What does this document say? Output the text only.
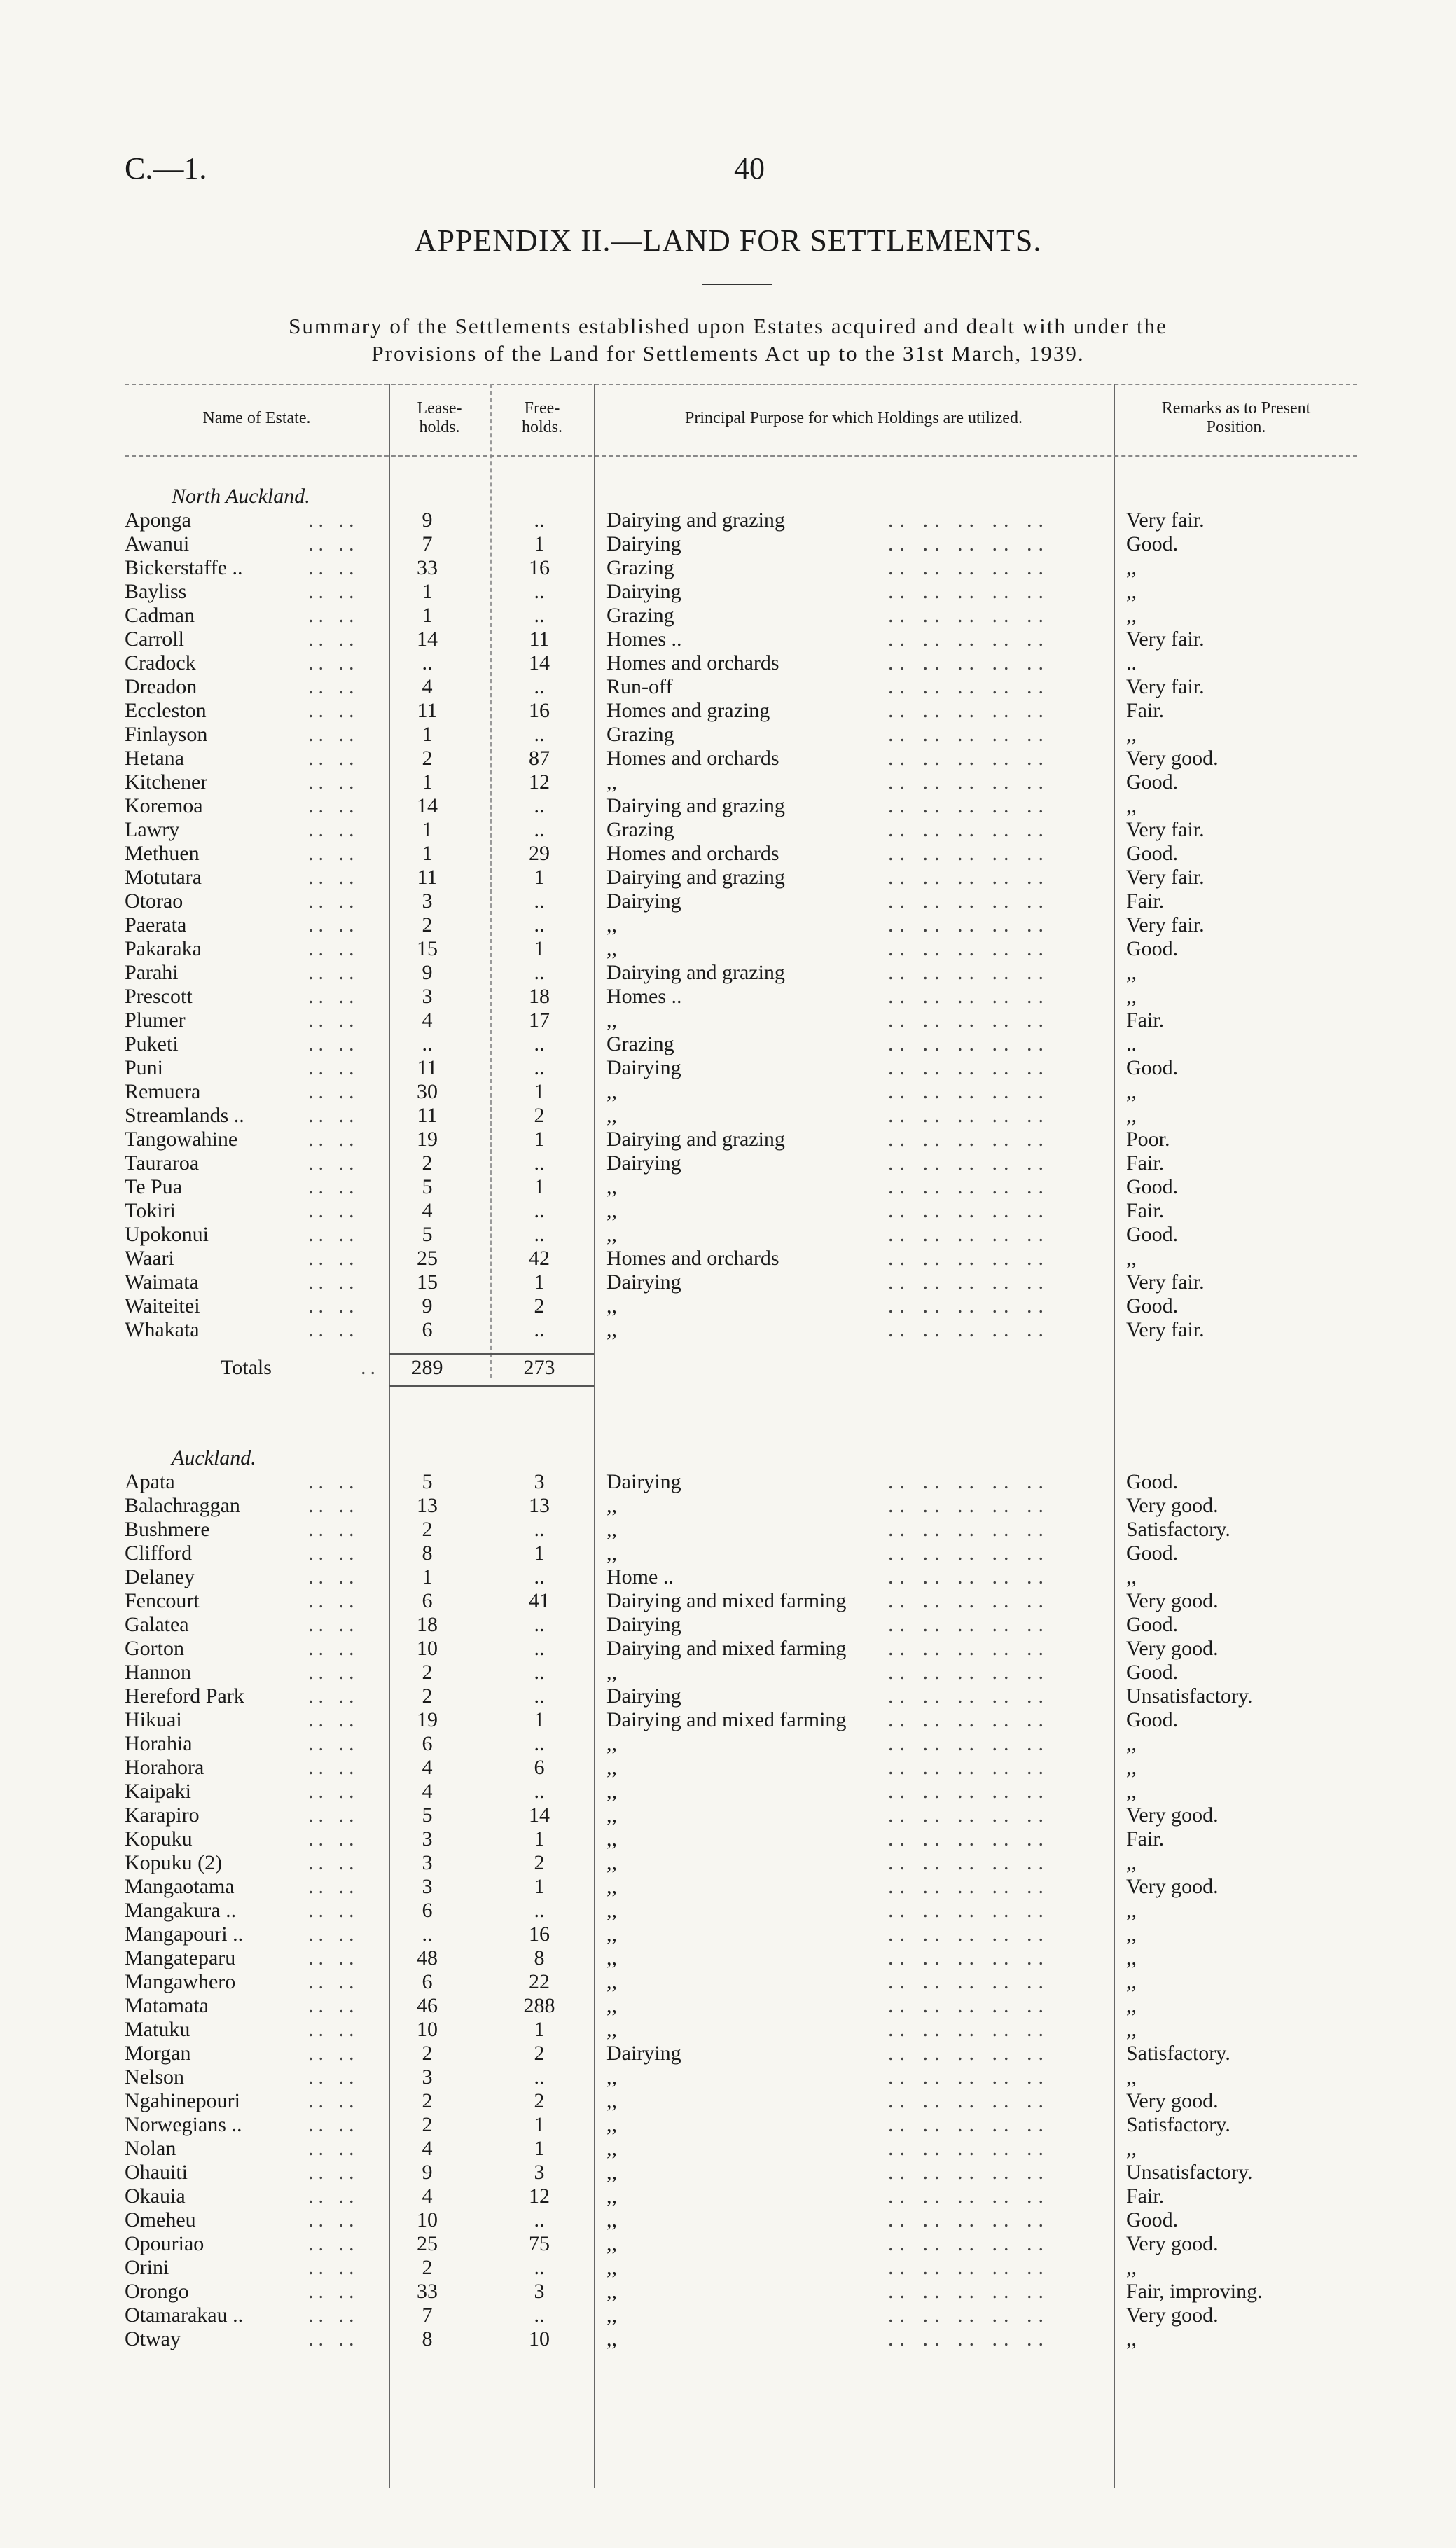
C.—1.	40
APPENDIX II.—LAND FOR SETTLEMENTS.
Summary of the Settlements established upon Estates acquired and dealt with under the
Provisions of the Land for Settlements Act up to the 31st March, 1939.
Name of Estate.
Lease-
holds.
Free-
holds.	Principal Purpose for which Holdings are utilized.
Remarks as to Present
Position.
North Auckland.
Aponga	.. ..	9	..	Dairying and grazing	.. .. .. .. ..	Very fair.
Awanui	.. ..	7	1	Dairying	.. .. .. .. ..	Good.
Bickerstaffe ..	.. ..	33	16	Grazing	.. .. .. .. ..	,,
Bayliss	.. ..	1	..	Dairying	.. .. .. .. ..	,,
Cadman	.. ..	1	..	Grazing	.. .. .. .. ..	,,
Carroll	.. ..	14	11	Homes ..	.. .. .. .. ..	Very fair.
Cradock	.. ..	..	14	Homes and orchards	.. .. .. .. ..	..
Dreadon	.. ..	4	..	Run-off	.. .. .. .. ..	Very fair.
Eccleston	.. ..	11	16	Homes and grazing	.. .. .. .. ..	Fair.
Finlayson	.. ..	1	..	Grazing	.. .. .. .. ..	,,
Hetana	.. ..	2	87	Homes and orchards	.. .. .. .. ..	Very good.
Kitchener	.. ..	1	12	,,	.. .. .. .. ..	Good.
Koremoa	.. ..	14	..	Dairying and grazing	.. .. .. .. ..	,,
Lawry	.. ..	1	..	Grazing	.. .. .. .. ..	Very fair.
Methuen	.. ..	1	29	Homes and orchards	.. .. .. .. ..	Good.
Motutara	.. ..	11	1	Dairying and grazing	.. .. .. .. ..	Very fair.
Otorao	.. ..	3	..	Dairying	.. .. .. .. ..	Fair.
Paerata	.. ..	2	..	,,	.. .. .. .. ..	Very fair.
Pakaraka	.. ..	15	1	,,	.. .. .. .. ..	Good.
Parahi	.. ..	9	..	Dairying and grazing	.. .. .. .. ..	,,
Prescott	.. ..	3	18	Homes ..	.. .. .. .. ..	,,
Plumer	.. ..	4	17	,,	.. .. .. .. ..	Fair.
Puketi	.. ..	..	..	Grazing	.. .. .. .. ..	..
Puni	.. ..	11	..	Dairying	.. .. .. .. ..	Good.
Remuera	.. ..	30	1	,,	.. .. .. .. ..	,,
Streamlands ..	.. ..	11	2	,,	.. .. .. .. ..	,,
Tangowahine	.. ..	19	1	Dairying and grazing	.. .. .. .. ..	Poor.
Tauraroa	.. ..	2	..	Dairying	.. .. .. .. ..	Fair.
Te Pua	.. ..	5	1	,,	.. .. .. .. ..	Good.
Tokiri	.. ..	4	..	,,	.. .. .. .. ..	Fair.
Upokonui	.. ..	5	..	,,	.. .. .. .. ..	Good.
Waari	.. ..	25	42	Homes and orchards	.. .. .. .. ..	,,
Waimata	.. ..	15	1	Dairying	.. .. .. .. ..	Very fair.
Waiteitei	.. ..	9	2	,,	.. .. .. .. ..	Good.
Whakata	.. ..	6	..	,,	.. .. .. .. ..	Very fair.
Totals	..	289	273
Auckland.
Apata	.. ..	5	3	Dairying	.. .. .. .. ..	Good.
Balachraggan	.. ..	13	13	,,	.. .. .. .. ..	Very good.
Bushmere	.. ..	2	..	,,	.. .. .. .. ..	Satisfactory.
Clifford	.. ..	8	1	,,	.. .. .. .. ..	Good.
Delaney	.. ..	1	..	Home ..	.. .. .. .. ..	,,
Fencourt	.. ..	6	41	Dairying and mixed farming .. .. .. .. ..	Very good.
Galatea	.. ..	18	..	Dairying	.. .. .. .. ..	Good.
Gorton	.. ..	10	..	Dairying and mixed farming .. .. .. .. ..	Very good.
Hannon	.. ..	2	..	,,	.. .. .. .. ..	Good.
Hereford Park	.. ..	2	..	Dairying	.. .. .. .. ..	Unsatisfactory.
Hikuai	.. ..	19	1	Dairying and mixed farming .. .. .. .. ..	Good.
Horahia	.. ..	6	..	,,	.. .. .. .. ..	,,
Horahora	.. ..	4	6	,,	.. .. .. .. ..	,,
Kaipaki	.. ..	4	..	,,	.. .. .. .. ..	,,
Karapiro	.. ..	5	14	,,	.. .. .. .. ..	Very good.
Kopuku	.. ..	3	1	,,	.. .. .. .. ..	Fair.
Kopuku (2)	.. ..	3	2	,,	.. .. .. .. ..	,,
Mangaotama	.. ..	3	1	,,	.. .. .. .. ..	Very good.
Mangakura ..	.. ..	6	..	,,	.. .. .. .. ..	,,
Mangapouri ..	.. ..	..	16	,,	.. .. .. .. ..	,,
Mangateparu	.. ..	48	8	,,	.. .. .. .. ..	,,
Mangawhero	.. ..	6	22	,,	.. .. .. .. ..	,,
Matamata	.. ..	46	288	,,	.. .. .. .. ..	,,
Matuku	.. ..	10	1	,,	.. .. .. .. ..	,,
Morgan	.. ..	2	2	Dairying	.. .. .. .. ..	Satisfactory.
Nelson	.. ..	3	..	,,	.. .. .. .. ..	,,
Ngahinepouri	.. ..	2	2	,,	.. .. .. .. ..	Very good.
Norwegians ..	.. ..	2	1	,,	.. .. .. .. ..	Satisfactory.
Nolan	.. ..	4	1	,,	.. .. .. .. ..	,,
Ohauiti	.. ..	9	3	,,	.. .. .. .. ..	Unsatisfactory.
Okauia	.. ..	4	12	,,	.. .. .. .. ..	Fair.
Omeheu	.. ..	10	..	,,	.. .. .. .. ..	Good.
Opouriao	.. ..	25	75	,,	.. .. .. .. ..	Very good.
Orini	.. ..	2	..	,,	.. .. .. .. ..	,,
Orongo	.. ..	33	3	,,	.. .. .. .. ..	Fair, improving.
Otamarakau ..	.. ..	7	..	,,	.. .. .. .. ..	Very good.
Otway	.. ..	8	10	,,	.. .. .. .. ..	,,
